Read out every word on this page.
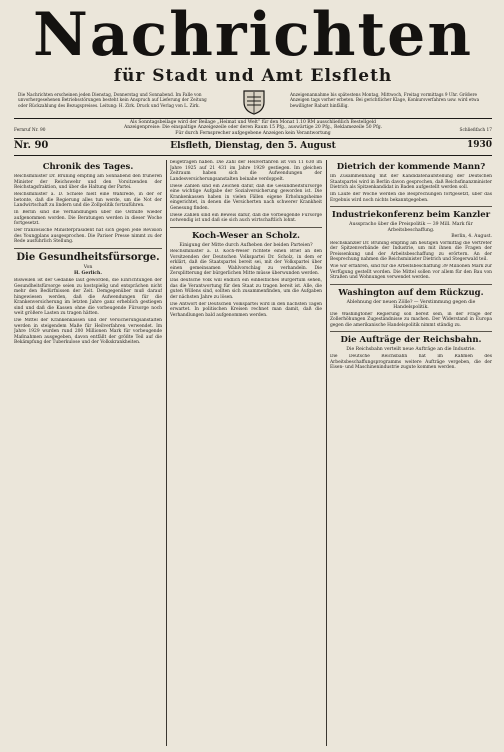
Nachrichten
für Stadt und Amt Elsfleth
Die Nachrichten erscheinen jeden Dienstag, Donnerstag und Sonnabend. Im Falle von unvorhergesehenen Betriebsstörungen besteht kein Anspruch auf Lieferung der Zeitung oder Rückzahlung des Bezugspreises. Leitung: H. Zirk. Druck und Verlag von L. Zirk.
Anzeigenannahme bis spätestens Montag, Mittwoch, Freitag vormittags 9 Uhr. Größere Anzeigen tags vorher erbeten. Bei gerichtlicher Klage, Konkursverfahren usw. wird etwa bewilligter Rabatt hinfällig.
Als Sonntagsbeilage wird der Beilage „Heimat und Welt“ für den Monat 1.10 RM ausschließlich Bestellgeld
Anzeigenpreise: Die einspaltige Anzeigezeile oder deren Raum 15 Pfg., auswärtige 20 Pfg., Reklamezeile 50 Pfg.
Für durch Fernsprecher aufgegebene Anzeigen kein Verantwortung
Fernruf Nr. 90	Schließfach 17
Nr. 90	Elsfleth, Dienstag, den 5. August	1930
Chronik des Tages.

Reichsminister Dr. Brüning empfing am Sonnabend den früheren Minister der Reichswehr und den Vorsitzenden der Reichstagsfraktion, und über die Haltung der Partei.

Reichsminister a. D. Schiele hielt eine Wahlrede, in der er betonte, daß die Regierung alles tun werde, um die Not der Landwirtschaft zu lindern und die Zollpolitik fortzuführen.

In Berlin sind die Verhandlungen über die Osthilfe wieder aufgenommen worden. Die Beratungen werden in dieser Woche fortgesetzt.

Der französische Ministerpräsident hat sich gegen jede Revision des Youngplans ausgesprochen. Die Pariser Presse nimmt zu der Rede ausführlich Stellung.

Die Gesundheitsfürsorge.
Von
H. Gerlich.

Bisweilen ist der Gedanke laut geworden, die Einrichtungen der Gesundheitsfürsorge seien zu kostspielig und entsprächen nicht mehr den Bedürfnissen der Zeit. Demgegenüber muß darauf hingewiesen werden, daß die Aufwendungen für die Krankenversicherung im letzten Jahre ganz erheblich gestiegen sind und daß die Kassen ohne die vorbeugende Fürsorge noch weit größere Lasten zu tragen hätten.

Die Mittel der Krankenkassen und der Versicherungsanstalten werden in steigendem Maße für Heilverfahren verwendet. Im Jahre 1929 wurden rund 200 Millionen Mark für vorbeugende Maßnahmen ausgegeben, davon entfällt der größte Teil auf die Bekämpfung der Tuberkulose und der Volkskrankheiten.

beigetragen haben. Die Zahl der Heilverfahren ist von 11 630 im Jahre 1925 auf 21 431 im Jahre 1929 gestiegen. Im gleichen Zeitraum haben sich die Aufwendungen der Landesversicherungsanstalten beinahe verdoppelt.

Diese Zahlen sind ein Zeichen dafür, daß die Gesundheitsfürsorge eine wichtige Aufgabe der Sozialversicherung geworden ist. Die Krankenkassen haben in vielen Fällen eigene Erholungsheime eingerichtet, in denen die Versicherten nach schwerer Krankheit Genesung finden.

Diese Zahlen sind ein Beweis dafür, daß die vorbeugende Fürsorge notwendig ist und daß sie sich auch wirtschaftlich lohnt.

Koch-Weser an Scholz.
Einigung der Mitte durch Aufheben der beiden Parteien?

Reichsminister a. D. Koch-Weser richtete einen Brief an den Vorsitzenden der Deutschen Volkspartei Dr. Scholz, in dem er erklärt, daß die Staatspartei bereit sei, mit der Volkspartei über einen gemeinsamen Wahlvorschlag zu verhandeln. Die Zersplitterung der bürgerlichen Mitte müsse überwunden werden.

Das deutsche Volk will endlich ein einheitliches Bürgertum sehen, das die Verantwortung für den Staat zu tragen bereit ist. Alle, die guten Willens sind, sollten sich zusammenfinden, um die Aufgaben der nächsten Jahre zu lösen.

Die Antwort der Deutschen Volkspartei wird in den nächsten Tagen erwartet. In politischen Kreisen rechnet man damit, daß die Verhandlungen bald aufgenommen werden.

Dietrich der kommende Mann?

Im Zusammenhang mit der Kandidatenaufstellung der Deutschen Staatspartei wird in Berlin davon gesprochen, daß Reichsfinanzminister Dietrich als Spitzenkandidat in Baden aufgestellt werden soll.

Im Laufe der Woche werden die Besprechungen fortgesetzt, über das Ergebnis wird noch nichts bekanntgegeben.

Industriekonferenz beim Kanzler
Ausspracho über die Preispolitik — 39 Mill. Mark für Arbeitsbeschaffung.
Berlin, 4. August.

Reichskanzler Dr. Brüning empfing am heutigen Vormittag die Vertreter der Spitzenverbände der Industrie, um mit ihnen die Fragen der Preissenkung und der Arbeitsbeschaffung zu erörtern. An der Besprechung nahmen die Reichsminister Dietrich und Stegerwald teil.

Wie wir erfahren, sind für die Arbeitsbeschaffung 39 Millionen Mark zur Verfügung gestellt worden. Die Mittel sollen vor allem für den Bau von Straßen und Wohnungen verwendet werden.

Washington auf dem Rückzug.
Ablehnung der neuen Zölle? — Verstimmung gegen die Handelspolitik.

Die Washingtoner Regierung soll bereit sein, in der Frage der Zollerhöhungen Zugeständnisse zu machen. Der Widerstand in Europa gegen die amerikanische Handelspolitik nimmt ständig zu.

Die Aufträge der Reichsbahn.
Die Reichsbahn verteilt neue Aufträge an die Industrie.

Die Deutsche Reichsbahn hat im Rahmen des Arbeitsbeschaffungsprogramms weitere Aufträge vergeben, die der Eisen- und Maschinenindustrie zugute kommen werden.
